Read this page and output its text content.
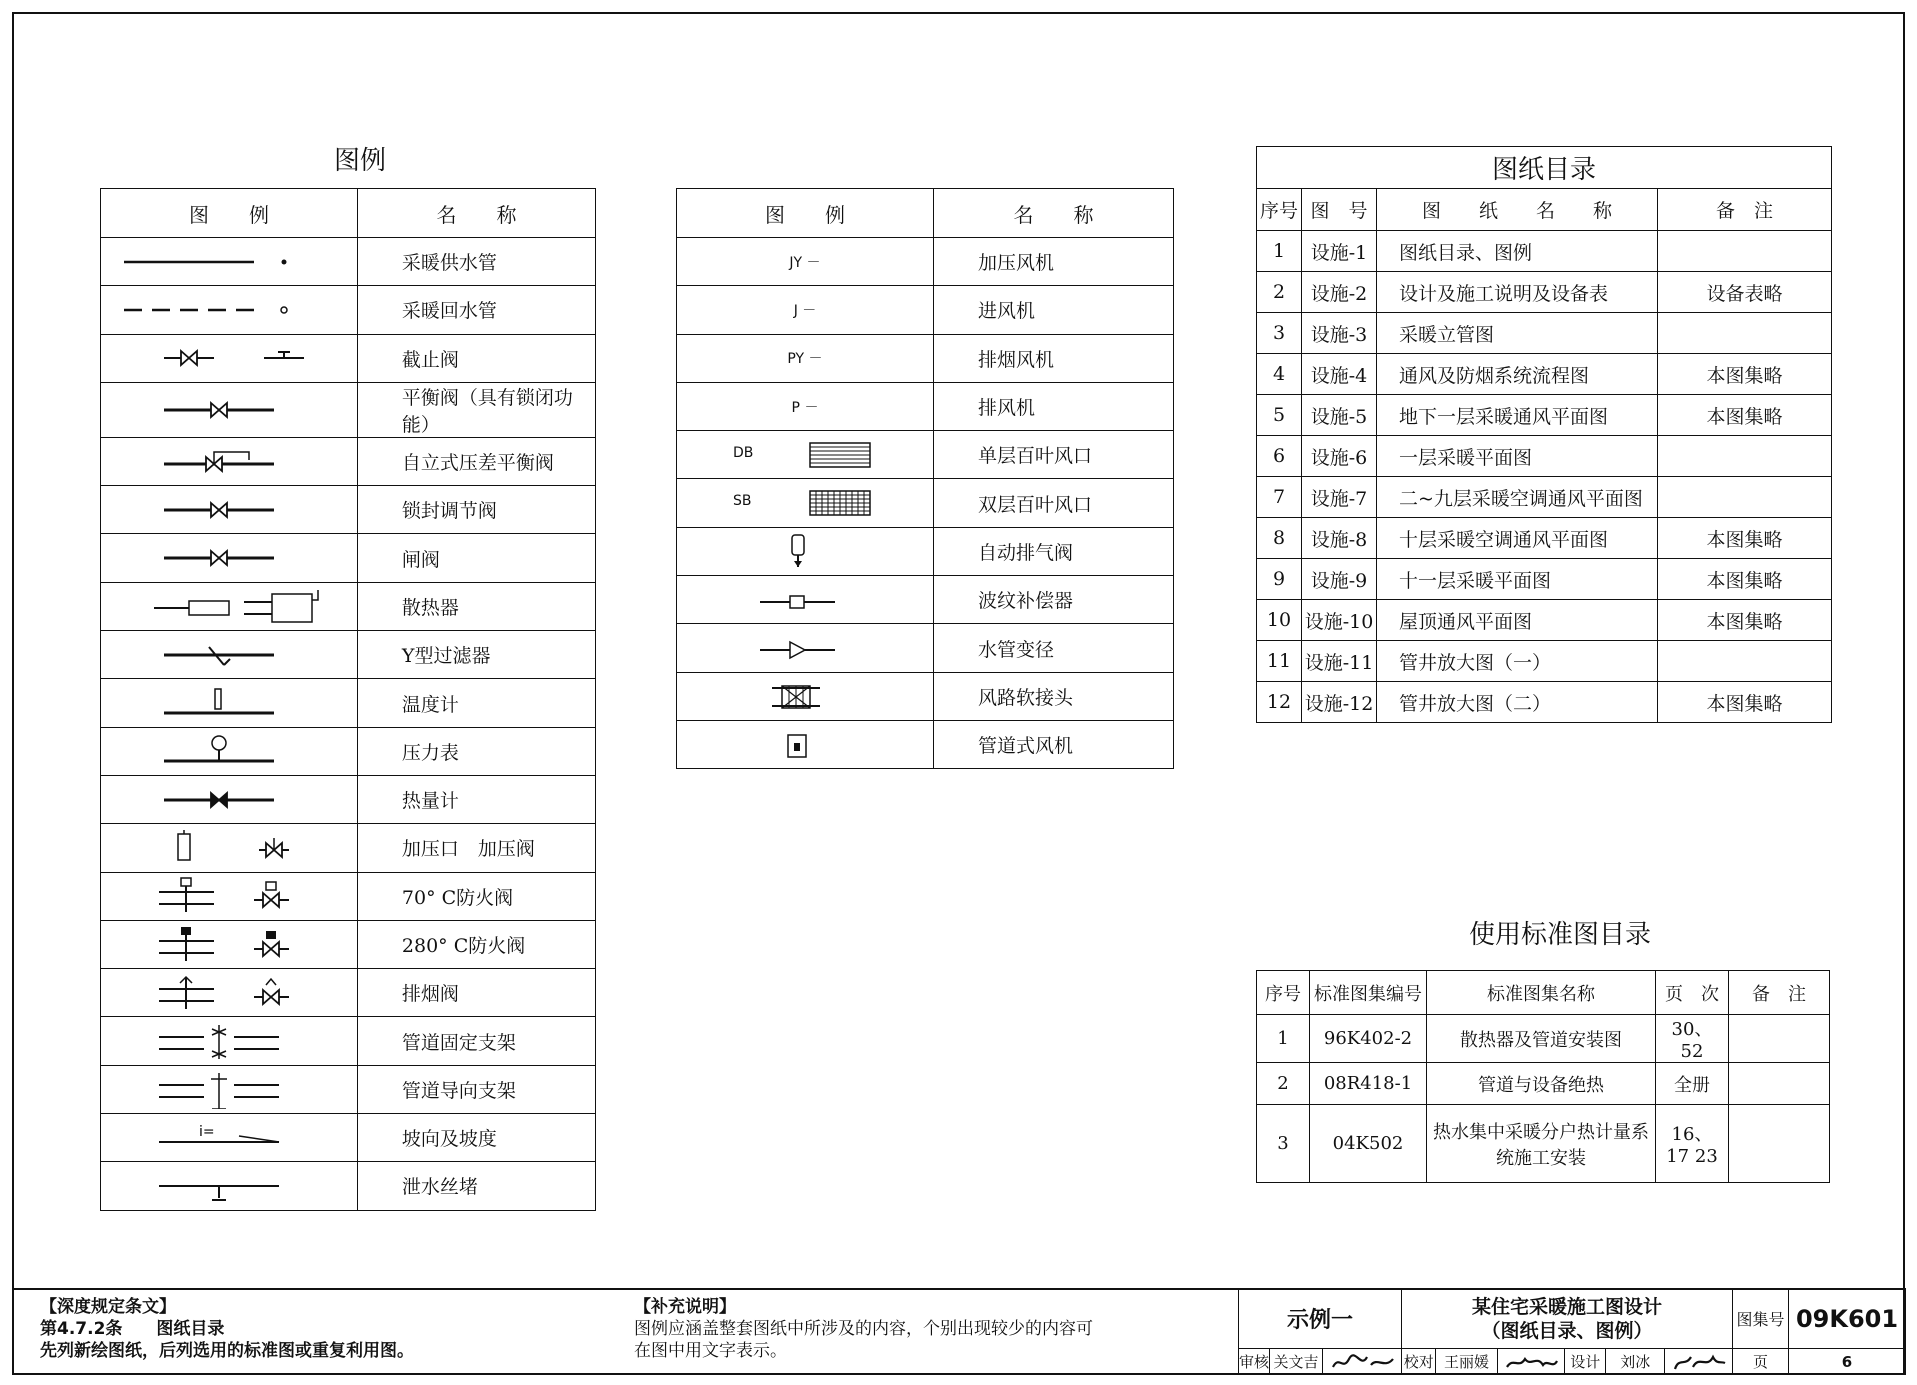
图例
图　　例	名　　称

	采暖供水管

	采暖回水管

	截止阀

	平衡阀（具有锁闭功能）

	自立式压差平衡阀

	锁封调节阀

	闸阀

	散热器

	Y型过滤器

	温度计

	压力表

	热量计

	加压口　加压阀

	70° C防火阀

	280° C防火阀

	排烟阀

	管道固定支架

	管道导向支架

i=	坡向及坡度

	泄水丝堵
图　　例	名　　称
JY －	加压风机
J －	进风机
PY －	排烟风机
P －	排风机

DB	单层百叶风口

SB	双层百叶风口

	自动排气阀

	波纹补偿器

	水管变径

	风路软接头

	管道式风机
图纸目录			
序号	图　号	图　　纸　　名　　称	备　注
1	设施-1	图纸目录、图例	
2	设施-2	设计及施工说明及设备表	设备表略
3	设施-3	采暖立管图	
4	设施-4	通风及防烟系统流程图	本图集略
5	设施-5	地下一层采暖通风平面图	本图集略
6	设施-6	一层采暖平面图	
7	设施-7	二~九层采暖空调通风平面图	
8	设施-8	十层采暖空调通风平面图	本图集略
9	设施-9	十一层采暖平面图	本图集略
10	设施-10	屋顶通风平面图	本图集略
11	设施-11	管井放大图（一）	
12	设施-12	管井放大图（二）	本图集略
使用标准图目录
序号	标准图集编号	标准图集名称	页　次	备　注
1	96K402-2	散热器及管道安装图	30、52	
2	08R418-1	管道与设备绝热	全册	
3	04K502	热水集中采暖分户热计量系统施工安装	16、17 23	
【深度规定条文】
第4.7.2条　　图纸目录
先列新绘图纸，后列选用的标准图或重复利用图。
【补充说明】
图例应涵盖整套图纸中所涉及的内容，个别出现较少的内容可在图中用文字表示。
示例一			某住宅采暖施工图设计
（图纸目录、图例）						图集号	09K601
审核	关文吉		校对	王丽媛		设计	刘冰		页	6
